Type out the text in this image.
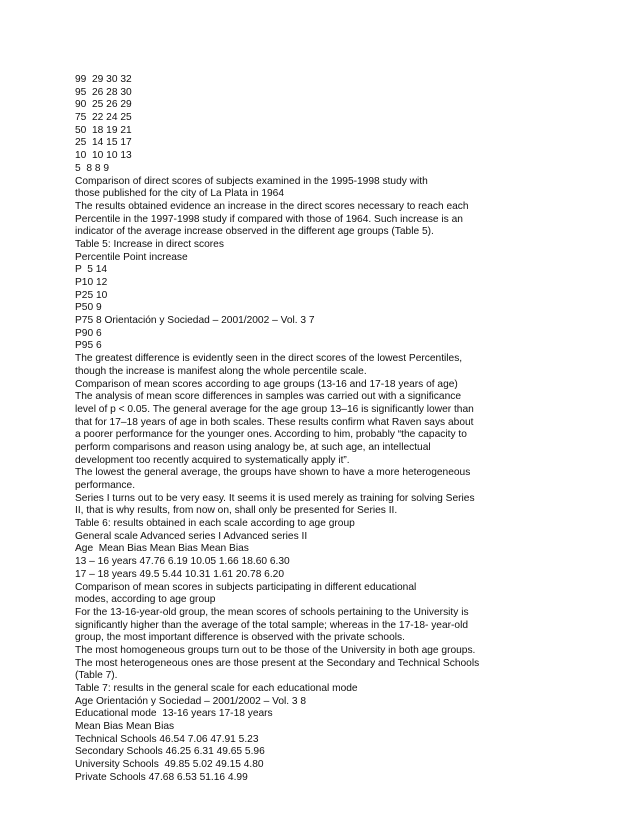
99  29 30 32
95  26 28 30
90  25 26 29
75  22 24 25
50  18 19 21
25  14 15 17
10  10 10 13
5  8 8 9
Comparison of direct scores of subjects examined in the 1995-1998 study with
those published for the city of La Plata in 1964
The results obtained evidence an increase in the direct scores necessary to reach each
Percentile in the 1997-1998 study if compared with those of 1964. Such increase is an
indicator of the average increase observed in the different age groups (Table 5).
Table 5: Increase in direct scores
Percentile Point increase
P  5 14
P10 12
P25 10
P50 9
P75 8 Orientación y Sociedad – 2001/2002 – Vol. 3 7
P90 6
P95 6
The greatest difference is evidently seen in the direct scores of the lowest Percentiles,
though the increase is manifest along the whole percentile scale.
Comparison of mean scores according to age groups (13-16 and 17-18 years of age)
The analysis of mean score differences in samples was carried out with a significance
level of p < 0.05. The general average for the age group 13–16 is significantly lower than
that for 17–18 years of age in both scales. These results confirm what Raven says about
a poorer performance for the younger ones. According to him, probably “the capacity to
perform comparisons and reason using analogy be, at such age, an intellectual
development too recently acquired to systematically apply it”.
The lowest the general average, the groups have shown to have a more heterogeneous
performance.
Series I turns out to be very easy. It seems it is used merely as training for solving Series
II, that is why results, from now on, shall only be presented for Series II.
Table 6: results obtained in each scale according to age group
General scale Advanced series I Advanced series II
Age  Mean Bias Mean Bias Mean Bias
13 – 16 years 47.76 6.19 10.05 1.66 18.60 6.30
17 – 18 years 49.5 5.44 10.31 1.61 20.78 6.20
Comparison of mean scores in subjects participating in different educational
modes, according to age group
For the 13-16-year-old group, the mean scores of schools pertaining to the University is
significantly higher than the average of the total sample; whereas in the 17-18- year-old
group, the most important difference is observed with the private schools.
The most homogeneous groups turn out to be those of the University in both age groups.
The most heterogeneous ones are those present at the Secondary and Technical Schools
(Table 7).
Table 7: results in the general scale for each educational mode
Age Orientación y Sociedad – 2001/2002 – Vol. 3 8
Educational mode  13-16 years 17-18 years
Mean Bias Mean Bias
Technical Schools 46.54 7.06 47.91 5.23
Secondary Schools 46.25 6.31 49.65 5.96
University Schools  49.85 5.02 49.15 4.80
Private Schools 47.68 6.53 51.16 4.99
